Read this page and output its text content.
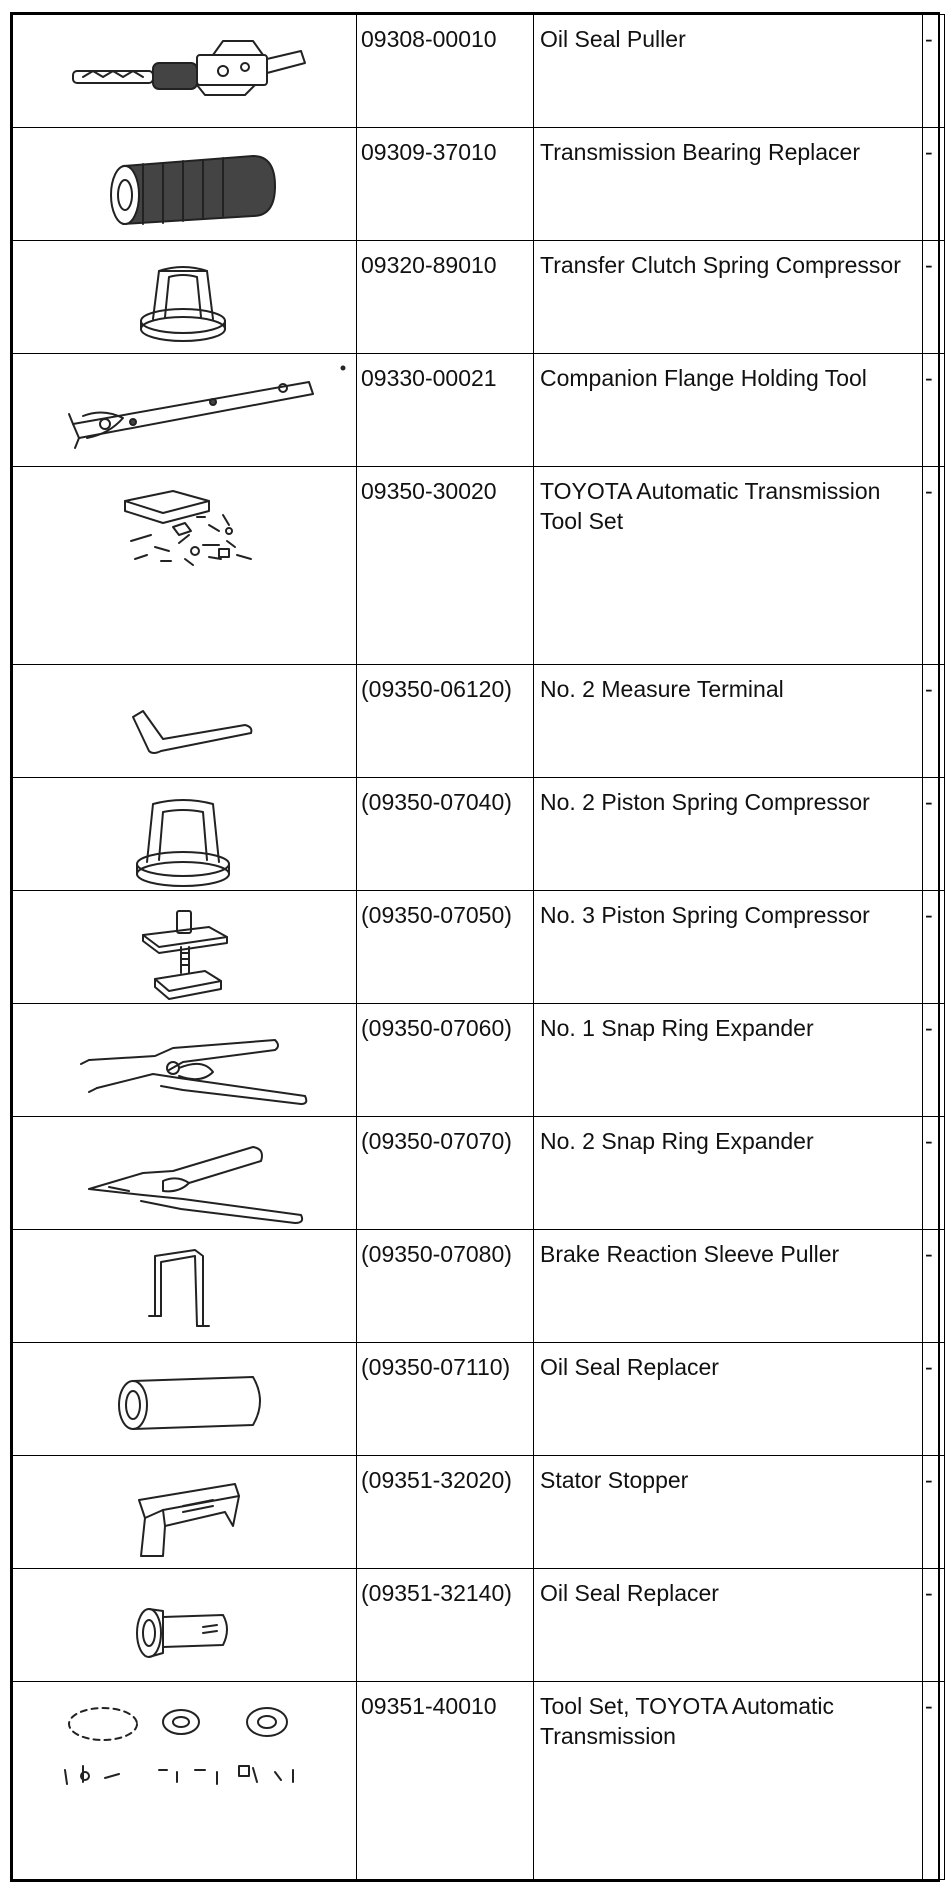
09308-00010	Oil Seal Puller	-

09309-37010	Transmission Bearing Replacer	-

09320-89010	Transfer Clutch Spring Compressor	-

09330-00021	Companion Flange Holding Tool	-

09350-30020	TOYOTA Automatic Transmission Tool Set	-

(09350-06120)	No. 2 Measure Terminal	-

(09350-07040)	No. 2 Piston Spring Compressor	-

(09350-07050)	No. 3 Piston Spring Compressor	-

(09350-07060)	No. 1 Snap Ring Expander	-

(09350-07070)	No. 2 Snap Ring Expander	-

(09350-07080)	Brake Reaction Sleeve Puller	-

(09350-07110)	Oil Seal Replacer	-

(09351-32020)	Stator Stopper	-

(09351-32140)	Oil Seal Replacer	-

09351-40010	Tool Set, TOYOTA Automatic Transmission	-
